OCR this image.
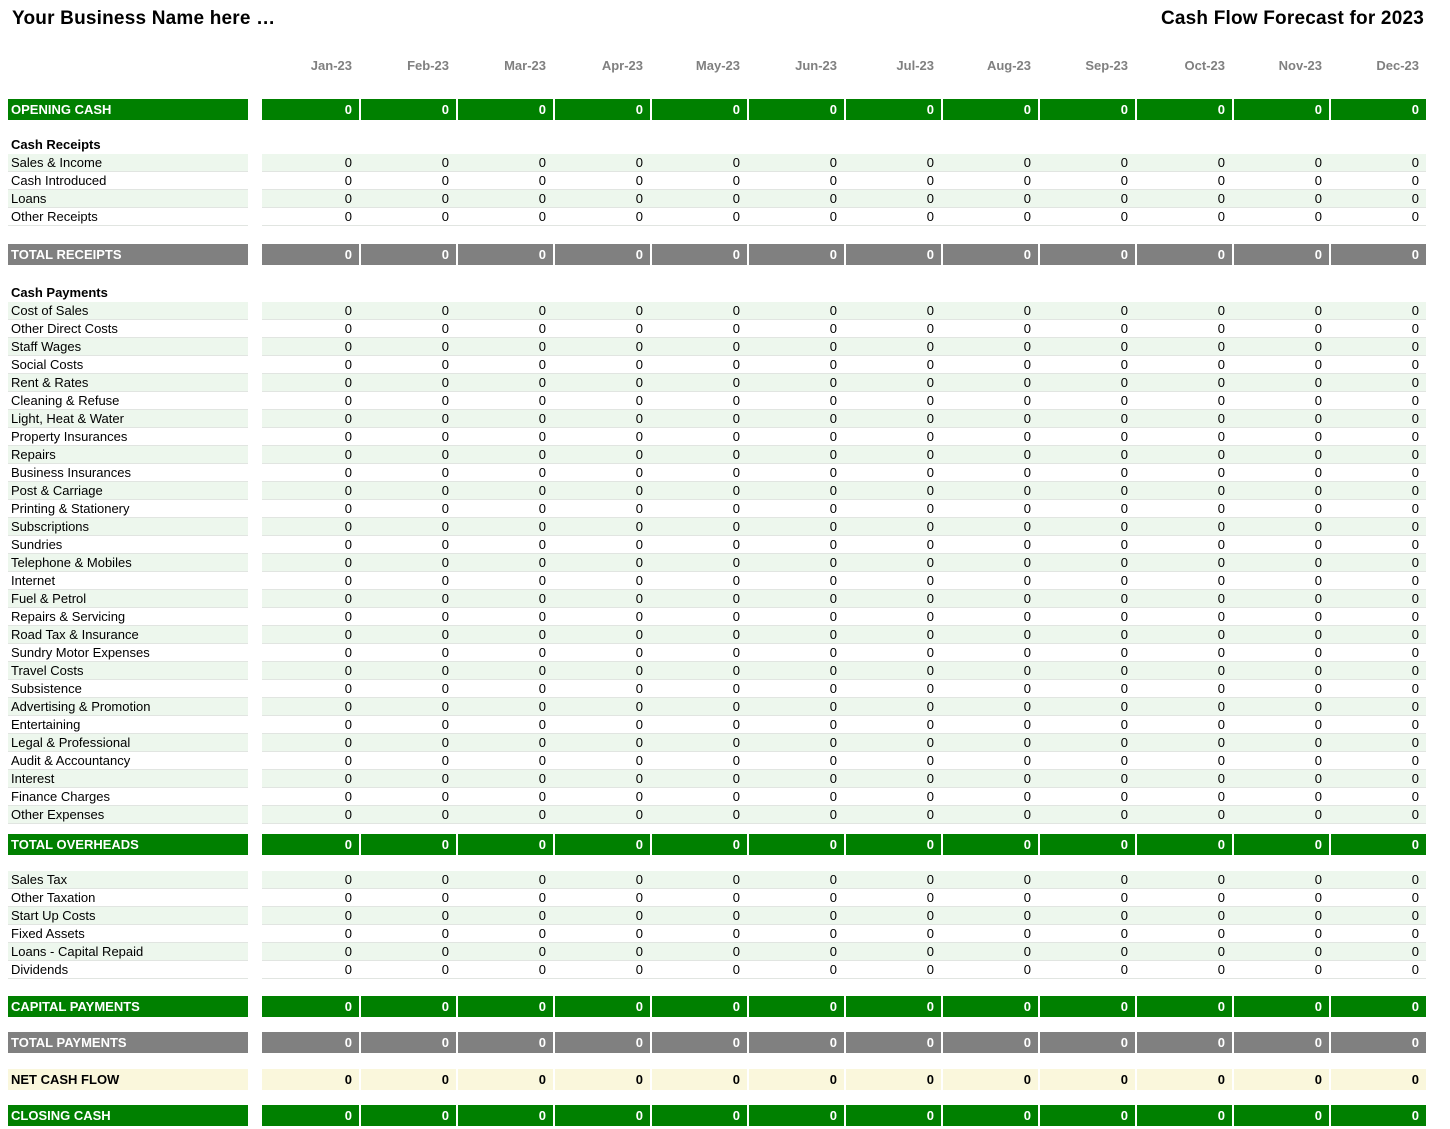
Your Business Name here …	Cash Flow Forecast for 2023
Jan-23	Feb-23	Mar-23	Apr-23	May-23	Jun-23	Jul-23	Aug-23	Sep-23	Oct-23	Nov-23	Dec-23
OPENING CASH	0	0	0	0	0	0	0	0	0	0	0	0
Cash Receipts
Sales & Income	0	0	0	0	0	0	0	0	0	0	0	0
Cash Introduced	0	0	0	0	0	0	0	0	0	0	0	0
Loans	0	0	0	0	0	0	0	0	0	0	0	0
Other Receipts	0	0	0	0	0	0	0	0	0	0	0	0
TOTAL RECEIPTS	0	0	0	0	0	0	0	0	0	0	0	0
Cash Payments
Cost of Sales	0	0	0	0	0	0	0	0	0	0	0	0
Other Direct Costs	0	0	0	0	0	0	0	0	0	0	0	0
Staff Wages	0	0	0	0	0	0	0	0	0	0	0	0
Social Costs	0	0	0	0	0	0	0	0	0	0	0	0
Rent & Rates	0	0	0	0	0	0	0	0	0	0	0	0
Cleaning & Refuse	0	0	0	0	0	0	0	0	0	0	0	0
Light, Heat & Water	0	0	0	0	0	0	0	0	0	0	0	0
Property Insurances	0	0	0	0	0	0	0	0	0	0	0	0
Repairs	0	0	0	0	0	0	0	0	0	0	0	0
Business Insurances	0	0	0	0	0	0	0	0	0	0	0	0
Post & Carriage	0	0	0	0	0	0	0	0	0	0	0	0
Printing & Stationery	0	0	0	0	0	0	0	0	0	0	0	0
Subscriptions	0	0	0	0	0	0	0	0	0	0	0	0
Sundries	0	0	0	0	0	0	0	0	0	0	0	0
Telephone & Mobiles	0	0	0	0	0	0	0	0	0	0	0	0
Internet	0	0	0	0	0	0	0	0	0	0	0	0
Fuel & Petrol	0	0	0	0	0	0	0	0	0	0	0	0
Repairs & Servicing	0	0	0	0	0	0	0	0	0	0	0	0
Road Tax & Insurance	0	0	0	0	0	0	0	0	0	0	0	0
Sundry Motor Expenses	0	0	0	0	0	0	0	0	0	0	0	0
Travel Costs	0	0	0	0	0	0	0	0	0	0	0	0
Subsistence	0	0	0	0	0	0	0	0	0	0	0	0
Advertising & Promotion	0	0	0	0	0	0	0	0	0	0	0	0
Entertaining	0	0	0	0	0	0	0	0	0	0	0	0
Legal & Professional	0	0	0	0	0	0	0	0	0	0	0	0
Audit & Accountancy	0	0	0	0	0	0	0	0	0	0	0	0
Interest	0	0	0	0	0	0	0	0	0	0	0	0
Finance Charges	0	0	0	0	0	0	0	0	0	0	0	0
Other Expenses	0	0	0	0	0	0	0	0	0	0	0	0
TOTAL OVERHEADS	0	0	0	0	0	0	0	0	0	0	0	0
Sales Tax	0	0	0	0	0	0	0	0	0	0	0	0
Other Taxation	0	0	0	0	0	0	0	0	0	0	0	0
Start Up Costs	0	0	0	0	0	0	0	0	0	0	0	0
Fixed Assets	0	0	0	0	0	0	0	0	0	0	0	0
Loans - Capital Repaid	0	0	0	0	0	0	0	0	0	0	0	0
Dividends	0	0	0	0	0	0	0	0	0	0	0	0
CAPITAL PAYMENTS	0	0	0	0	0	0	0	0	0	0	0	0
TOTAL PAYMENTS	0	0	0	0	0	0	0	0	0	0	0	0
NET CASH FLOW	0	0	0	0	0	0	0	0	0	0	0	0
CLOSING CASH	0	0	0	0	0	0	0	0	0	0	0	0
